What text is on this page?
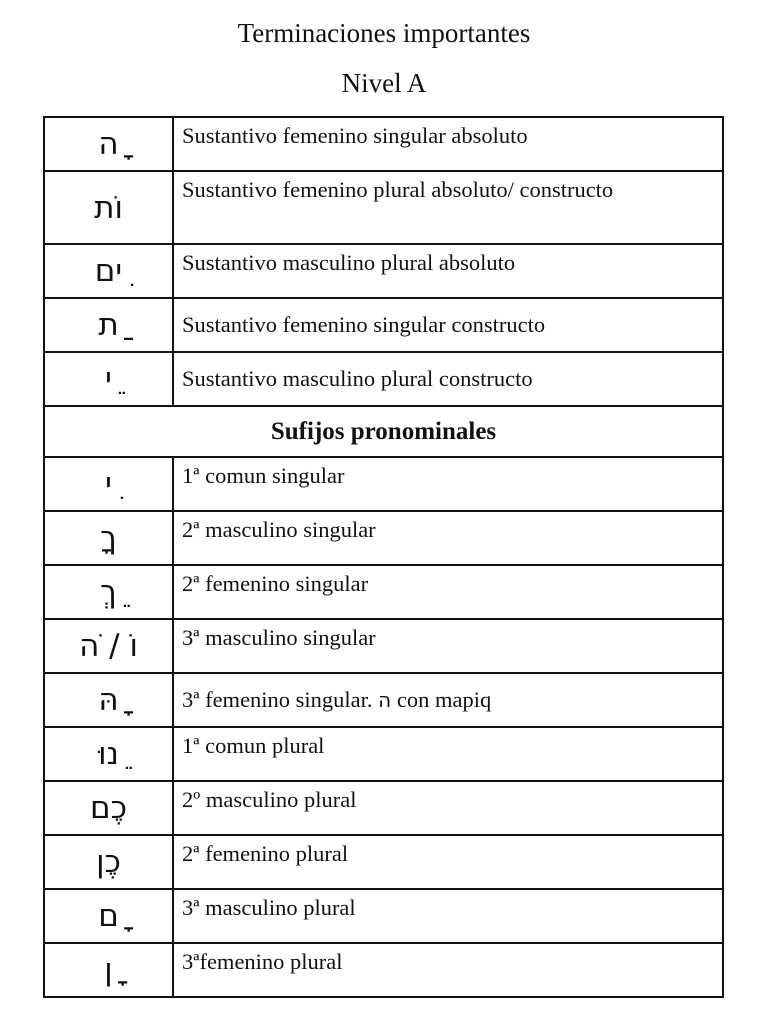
Terminaciones importantes
Nivel A
ָה	Sustantivo femenino singular absoluto
וֹת	Sustantivo femenino plural absoluto/ constructo
ִים	Sustantivo masculino plural absoluto
ַת	Sustantivo femenino singular constructo
ֵי	Sustantivo masculino plural constructo
Sufijos pronominales	
ִי	1ª comun singular
ךָ	2ª masculino singular
ֵךְ	2ª femenino singular
וֹ / ֹה	3ª masculino singular
ָהּ	3ª femenino singular. ה con mapiq
ֵנוּ	1ª comun plural
כֶם	2º masculino plural
כֶן	2ª femenino plural
ָם	3ª masculino plural
ָן	3ªfemenino plural
